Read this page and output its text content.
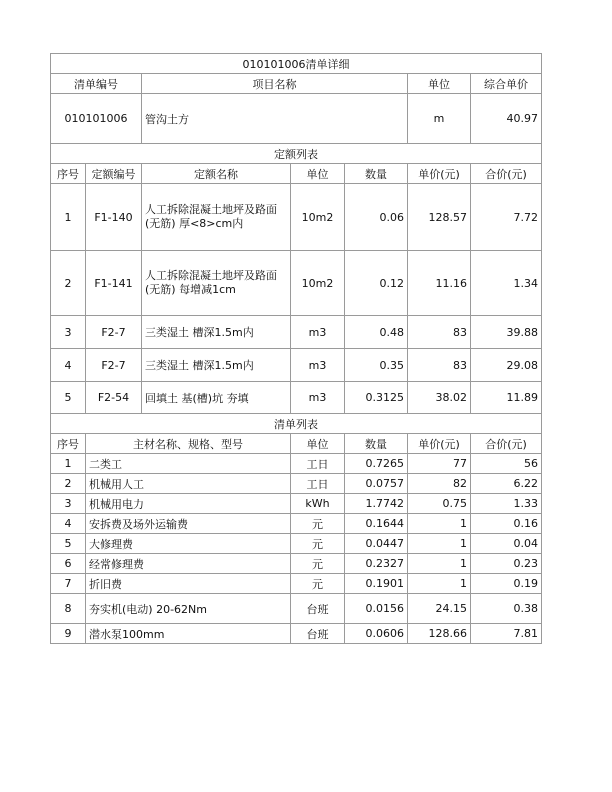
010101006清单详细						
清单编号		项目名称			单位	综合单价
010101006		管沟土方			m	40.97
定额列表						
序号	定额编号	定额名称	单位	数量	单价(元)	合价(元)
1	F1-140	人工拆除混凝土地坪及路面(无筋) 厚<8>cm内	10m2	0.06	128.57	7.72
2	F1-141	人工拆除混凝土地坪及路面(无筋) 每增减1cm	10m2	0.12	11.16	1.34
3	F2-7	三类湿土 槽深1.5m内	m3	0.48	83	39.88
4	F2-7	三类湿土 槽深1.5m内	m3	0.35	83	29.08
5	F2-54	回填土 基(槽)坑 夯填	m3	0.3125	38.02	11.89
清单列表						
序号	主材名称、规格、型号		单位	数量	单价(元)	合价(元)
1	二类工		工日	0.7265	77	56
2	机械用人工		工日	0.0757	82	6.22
3	机械用电力		kWh	1.7742	0.75	1.33
4	安拆费及场外运输费		元	0.1644	1	0.16
5	大修理费		元	0.0447	1	0.04
6	经常修理费		元	0.2327	1	0.23
7	折旧费		元	0.1901	1	0.19
8	夯实机(电动) 20-62Nm		台班	0.0156	24.15	0.38
9	潜水泵100mm		台班	0.0606	128.66	7.81
